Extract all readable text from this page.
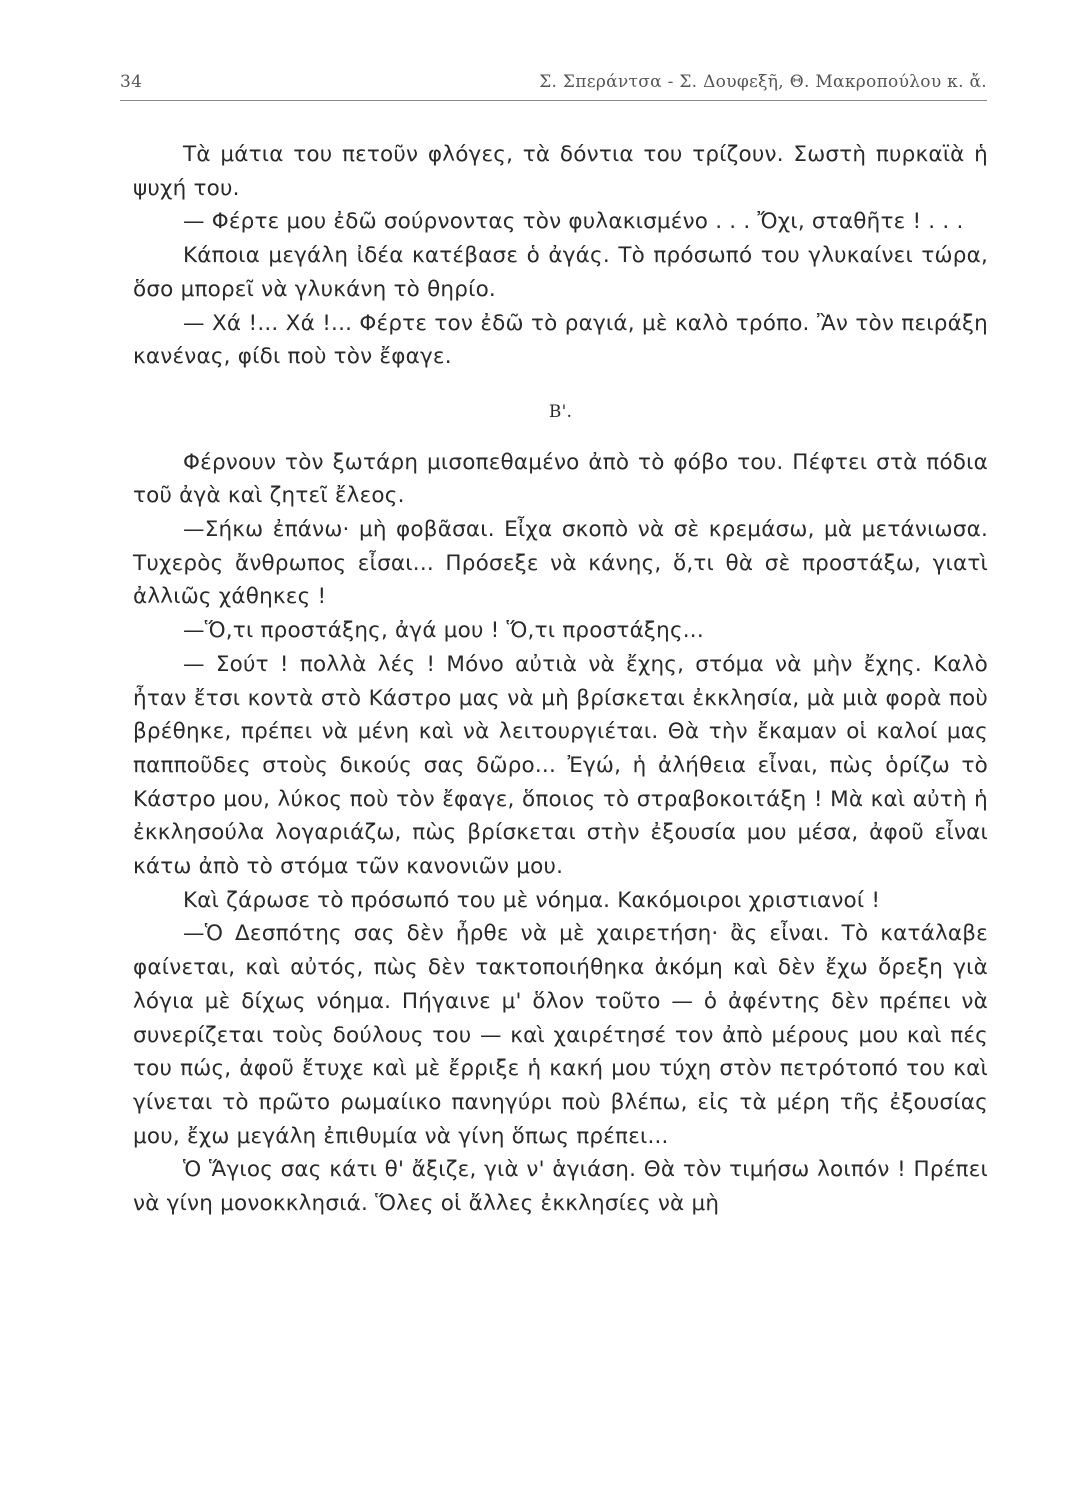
34	Σ. Σπεράντσα - Σ. Δουφεξῆ, Θ. Μακροπούλου κ. ἄ.

Τὰ μάτια του πετοῦν φλόγες, τὰ δόντια του τρίζουν. Σωστὴ πυρκαϊὰ ἡ ψυχή του.

— Φέρτε μου ἐδῶ σούρνοντας τὸν φυλακισμένο . . . Ὄχι, σταθῆτε ! . . .

Κάποια μεγάλη ἰδέα κατέβασε ὁ ἀγάς. Τὸ πρόσωπό του γλυκαίνει τώρα, ὅσο μπορεῖ νὰ γλυκάνη τὸ θηρίο.

— Χά !... Χά !... Φέρτε τον ἐδῶ τὸ ραγιά, μὲ καλὸ τρόπο. Ἂν τὸν πειράξη κανένας, φίδι ποὺ τὸν ἔφαγε.

Β'.

Φέρνουν τὸν ξωτάρη μισοπεθαμένο ἀπὸ τὸ φόβο του. Πέφτει στὰ πόδια τοῦ ἀγὰ καὶ ζητεῖ ἔλεος.

—Σήκω ἐπάνω· μὴ φοβᾶσαι. Εἶχα σκοπὸ νὰ σὲ κρεμάσω, μὰ μετάνιωσα. Τυχερὸς ἄνθρωπος εἶσαι... Πρόσεξε νὰ κάνης, ὅ,τι θὰ σὲ προστάξω, γιατὶ ἀλλιῶς χάθηκες !

—Ὅ,τι προστάξης, ἀγά μου ! Ὅ,τι προστάξης...

— Σούτ ! πολλὰ λές ! Μόνο αὐτιὰ νὰ ἔχης, στόμα νὰ μὴν ἔχης. Καλὸ ἦταν ἔτσι κοντὰ στὸ Κάστρο μας νὰ μὴ βρίσκεται ἐκκλησία, μὰ μιὰ φορὰ ποὺ βρέθηκε, πρέπει νὰ μένη καὶ νὰ λειτουργιέται. Θὰ τὴν ἔκαμαν οἱ καλοί μας παπποῦδες στοὺς δικούς σας δῶρο... Ἐγώ, ἡ ἀλήθεια εἶναι, πὼς ὁρίζω τὸ Κάστρο μου, λύκος ποὺ τὸν ἔφαγε, ὅποιος τὸ στραβοκοιτάξη ! Μὰ καὶ αὐτὴ ἡ ἐκκλησούλα λογαριάζω, πὼς βρίσκεται στὴν ἐξουσία μου μέσα, ἀφοῦ εἶναι κάτω ἀπὸ τὸ στόμα τῶν κανονιῶν μου.

Καὶ ζάρωσε τὸ πρόσωπό του μὲ νόημα. Κακόμοιροι χριστιανοί !

—Ὁ Δεσπότης σας δὲν ἦρθε νὰ μὲ χαιρετήση· ἂς εἶναι. Τὸ κατάλαβε φαίνεται, καὶ αὐτός, πὼς δὲν τακτοποιήθηκα ἀκόμη καὶ δὲν ἔχω ὄρεξη γιὰ λόγια μὲ δίχως νόημα. Πήγαινε μ' ὅλον τοῦτο — ὁ ἀφέντης δὲν πρέπει νὰ συνερίζεται τοὺς δούλους του — καὶ χαιρέτησέ τον ἀπὸ μέρους μου καὶ πές του πώς, ἀφοῦ ἔτυχε καὶ μὲ ἔρριξε ἡ κακή μου τύχη στὸν πετρότοπό του καὶ γίνεται τὸ πρῶτο ρωμαίικο πανηγύρι ποὺ βλέπω, εἰς τὰ μέρη τῆς ἐξουσίας μου, ἔχω μεγάλη ἐπιθυμία νὰ γίνη ὅπως πρέπει...

Ὁ Ἅγιος σας κάτι θ' ἄξιζε, γιὰ ν' ἁγιάση. Θὰ τὸν τιμήσω λοιπόν ! Πρέπει νὰ γίνη μονοκκλησιά. Ὅλες οἱ ἄλλες ἐκκλησίες νὰ μὴ
